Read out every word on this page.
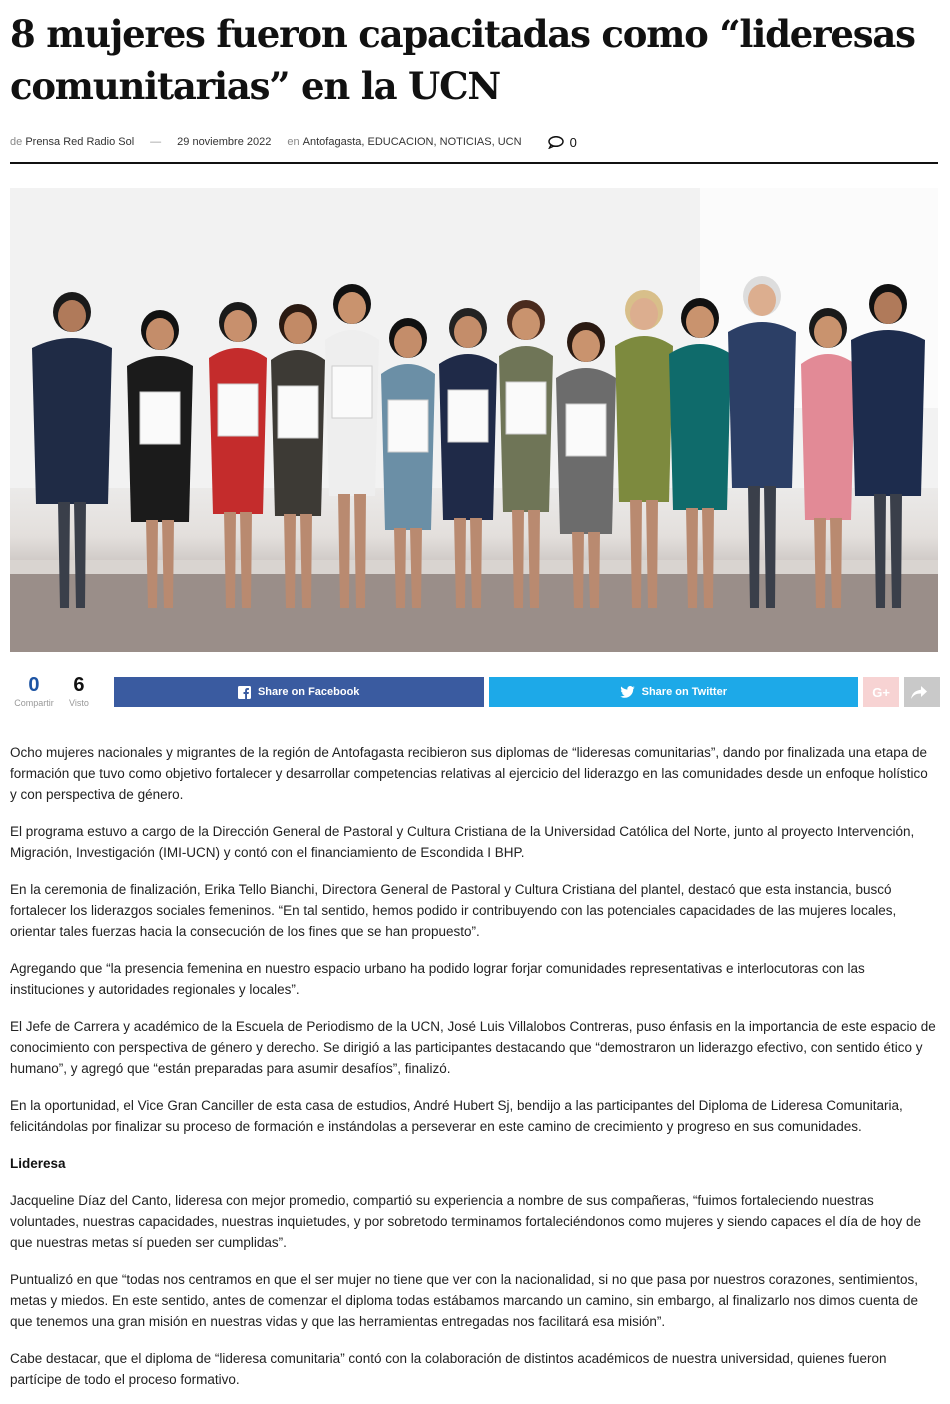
8 mujeres fueron capacitadas como “lideresas comunitarias” en la UCN
de
Prensa Red Radio Sol — 29 noviembre 2022 en
Antofagasta , EDUCACION , NOTICIAS , UCN	0
0
Compartir
6
Visto
Share on Facebook	Share on Twitter	G+

Ocho mujeres nacionales y migrantes de la región de Antofagasta recibieron sus diplomas de “lideresas comunitarias”, dando por finalizada una etapa de formación que tuvo como objetivo fortalecer y desarrollar competencias relativas al ejercicio del liderazgo en las comunidades desde un enfoque holístico y con perspectiva de género.

El programa estuvo a cargo de la Dirección General de Pastoral y Cultura Cristiana de la Universidad Católica del Norte, junto al proyecto Intervención, Migración, Investigación (IMI-UCN) y contó con el financiamiento de Escondida I BHP.

En la ceremonia de finalización, Erika Tello Bianchi, Directora General de Pastoral y Cultura Cristiana del plantel, destacó que esta instancia, buscó fortalecer los liderazgos sociales femeninos. “En tal sentido, hemos podido ir contribuyendo con las potenciales capacidades de las mujeres locales, orientar tales fuerzas hacia la consecución de los fines que se han propuesto”.

Agregando que “la presencia femenina en nuestro espacio urbano ha podido lograr forjar comunidades representativas e interlocutoras con las instituciones y autoridades regionales y locales”.

El Jefe de Carrera y académico de la Escuela de Periodismo de la UCN, José Luis Villalobos Contreras, puso énfasis en la importancia de este espacio de conocimiento con perspectiva de género y derecho. Se dirigió a las participantes destacando que “demostraron un liderazgo efectivo, con sentido ético y humano”, y agregó que “están preparadas para asumir desafíos”, finalizó.

En la oportunidad, el Vice Gran Canciller de esta casa de estudios, André Hubert Sj, bendijo a las participantes del Diploma de Lideresa Comunitaria, felicitándolas por finalizar su proceso de formación e instándolas a perseverar en este camino de crecimiento y progreso en sus comunidades.

Lideresa

Jacqueline Díaz del Canto, lideresa con mejor promedio, compartió su experiencia a nombre de sus compañeras, “fuimos fortaleciendo nuestras voluntades, nuestras capacidades, nuestras inquietudes, y por sobretodo terminamos fortaleciéndonos como mujeres y siendo capaces el día de hoy de que nuestras metas sí pueden ser cumplidas”.

Puntualizó en que “todas nos centramos en que el ser mujer no tiene que ver con la nacionalidad, si no que pasa por nuestros corazones, sentimientos, metas y miedos. En este sentido, antes de comenzar el diploma todas estábamos marcando un camino, sin embargo, al finalizarlo nos dimos cuenta de que tenemos una gran misión en nuestras vidas y que las herramientas entregadas nos facilitará esa misión”.

Cabe destacar, que el diploma de “lideresa comunitaria” contó con la colaboración de distintos académicos de nuestra universidad, quienes fueron partícipe de todo el proceso formativo.
